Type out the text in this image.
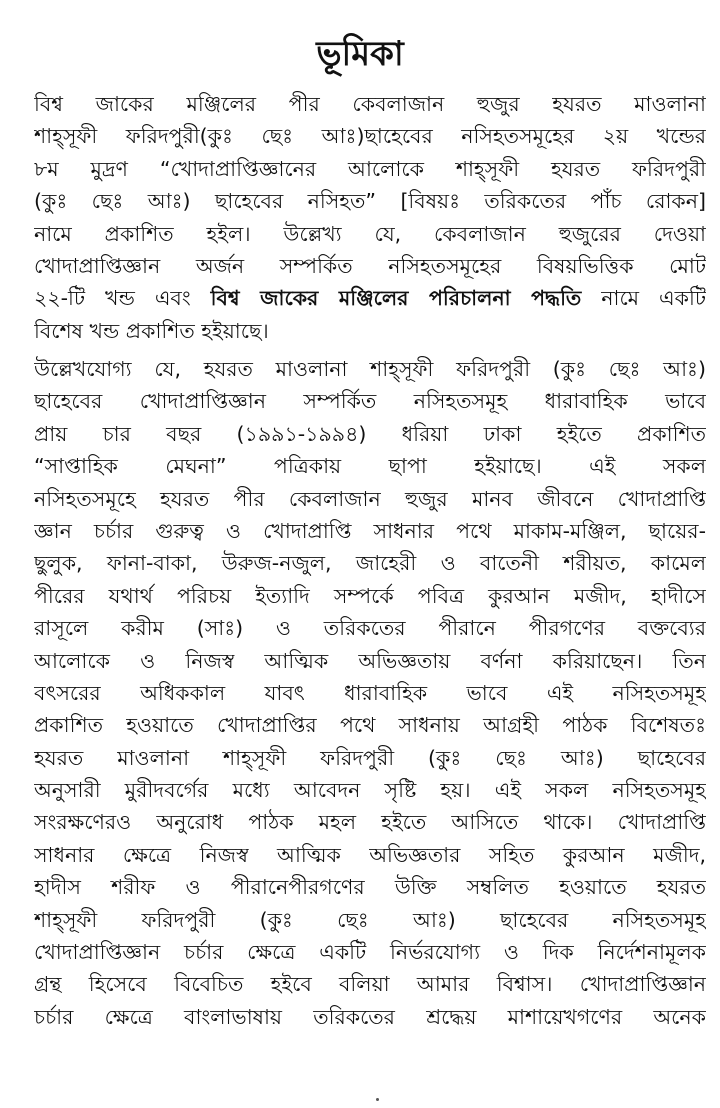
ভূমিকা
বিশ্ব জাকের মঞ্জিলের পীর কেবলাজান হুজুর হযরত মাওলানা
শাহ্সূফী ফরিদপুরী(কুঃ ছেঃ আঃ)ছাহেবের নসিহতসমূহের ২য় খন্ডের
৮ম মুদ্রণ “খোদাপ্রাপ্তিজ্ঞানের আলোকে শাহ্সূফী হযরত ফরিদপুরী
(কুঃ ছেঃ আঃ) ছাহেবের নসিহত” [বিষয়ঃ তরিকতের পাঁচ রোকন]
নামে প্রকাশিত হইল। উল্লেখ্য যে, কেবলাজান হুজুরের দেওয়া
খোদাপ্রাপ্তিজ্ঞান অর্জন সম্পর্কিত নসিহতসমূহের বিষয়ভিত্তিক মোট
২২-টি খন্ড এবং বিশ্ব জাকের মঞ্জিলের পরিচালনা পদ্ধতি নামে একটি
বিশেষ খন্ড প্রকাশিত হইয়াছে।
উল্লেখযোগ্য যে, হযরত মাওলানা শাহ্সূফী ফরিদপুরী (কুঃ ছেঃ আঃ)
ছাহেবের খোদাপ্রাপ্তিজ্ঞান সম্পর্কিত নসিহতসমূহ ধারাবাহিক ভাবে
প্রায় চার বছর (১৯৯১-১৯৯৪) ধরিয়া ঢাকা হইতে প্রকাশিত
“সাপ্তাহিক মেঘনা” পত্রিকায় ছাপা হইয়াছে। এই সকল
নসিহতসমূহে হযরত পীর কেবলাজান হুজুর মানব জীবনে খোদাপ্রাপ্তি
জ্ঞান চর্চার গুরুত্ব ও খোদাপ্রাপ্তি সাধনার পথে মাকাম-মঞ্জিল, ছায়ের-
ছুলুক, ফানা-বাকা, উরুজ-নজুল, জাহেরী ও বাতেনী শরীয়ত, কামেল
পীরের যথার্থ পরিচয় ইত্যাদি সম্পর্কে পবিত্র কুরআন মজীদ, হাদীসে
রাসূলে করীম (সাঃ) ও তরিকতের পীরানে পীরগণের বক্তব্যের
আলোকে ও নিজস্ব আত্মিক অভিজ্ঞতায় বর্ণনা করিয়াছেন। তিন
বৎসরের অধিককাল যাবৎ ধারাবাহিক ভাবে এই নসিহতসমূহ
প্রকাশিত হওয়াতে খোদাপ্রাপ্তির পথে সাধনায় আগ্রহী পাঠক বিশেষতঃ
হযরত মাওলানা শাহ্সূফী ফরিদপুরী (কুঃ ছেঃ আঃ) ছাহেবের
অনুসারী মুরীদবর্গের মধ্যে আবেদন সৃষ্টি হয়। এই সকল নসিহতসমূহ
সংরক্ষণেরও অনুরোধ পাঠক মহল হইতে আসিতে থাকে। খোদাপ্রাপ্তি
সাধনার ক্ষেত্রে নিজস্ব আত্মিক অভিজ্ঞতার সহিত কুরআন মজীদ,
হাদীস শরীফ ও পীরানেপীরগণের উক্তি সম্বলিত হওয়াতে হযরত
শাহ্সূফী ফরিদপুরী (কুঃ ছেঃ আঃ) ছাহেবের নসিহতসমূহ
খোদাপ্রাপ্তিজ্ঞান চর্চার ক্ষেত্রে একটি নির্ভরযোগ্য ও দিক নির্দেশনামূলক
গ্রন্থ হিসেবে বিবেচিত হইবে বলিয়া আমার বিশ্বাস। খোদাপ্রাপ্তিজ্ঞান
চর্চার ক্ষেত্রে বাংলাভাষায় তরিকতের শ্রদ্ধেয় মাশায়েখগণের অনেক
